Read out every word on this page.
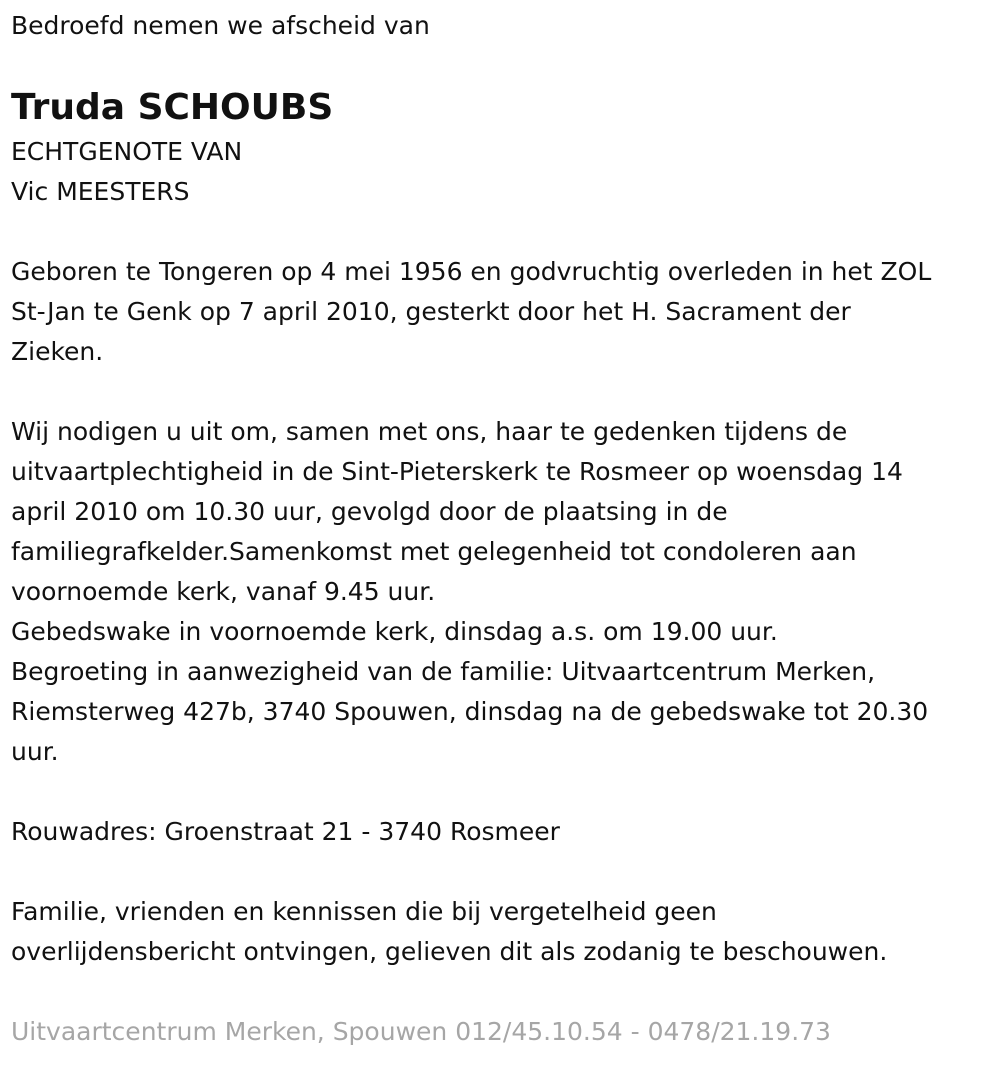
Bedroefd nemen we afscheid van
Truda SCHOUBS
ECHTGENOTE VAN
Vic MEESTERS
Geboren te Tongeren op 4 mei 1956 en godvruchtig overleden in het ZOL
St-Jan te Genk op 7 april 2010, gesterkt door het H. Sacrament der
Zieken.
Wij nodigen u uit om, samen met ons, haar te gedenken tijdens de
uitvaartplechtigheid in de Sint-Pieterskerk te Rosmeer op woensdag 14
april 2010 om 10.30 uur, gevolgd door de plaatsing in de
familiegrafkelder.Samenkomst met gelegenheid tot condoleren aan
voornoemde kerk, vanaf 9.45 uur.
Gebedswake in voornoemde kerk, dinsdag a.s. om 19.00 uur.
Begroeting in aanwezigheid van de familie: Uitvaartcentrum Merken,
Riemsterweg 427b, 3740 Spouwen, dinsdag na de gebedswake tot 20.30
uur.
Rouwadres: Groenstraat 21 - 3740 Rosmeer
Familie, vrienden en kennissen die bij vergetelheid geen
overlijdensbericht ontvingen, gelieven dit als zodanig te beschouwen.
Uitvaartcentrum Merken, Spouwen 012/45.10.54 - 0478/21.19.73
